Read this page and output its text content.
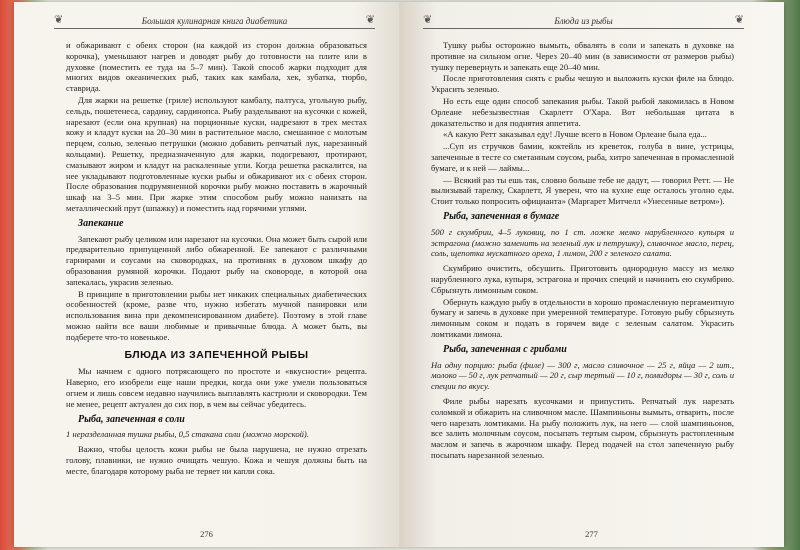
❦	Большая кулинарная книга диабетика	❦

и обжаривают с обеих сторон (на каждой из сторон должна образоваться корочка), уменьшают нагрев и доводят рыбу до готовности на плите или в духовке (поместить ее туда на 5–7 мин). Такой способ жарки подходит для многих видов океанических рыб, таких как камбала, хек, зубатка, тюрбо, ставрида.

Для жарки на решетке (гриле) используют камбалу, палтуса, угольную рыбу, сельдь, пошетенеса, сардину, сардинопса. Рыбу разделывают на кусочки с кожей, нарезают (если она крупная) на порционные куски, надрезают в трех местах кожу и кладут куски на 20–30 мин в растительное масло, смешанное с молотым перцем, солью, зеленью петрушки (можно добавить репчатый лук, нарезанный кольцами). Решетку, предназначенную для жарки, подогревают, протирают, смазывают жиром и кладут на раскаленные угли. Когда решетка раскалится, на нее укладывают подготовленные куски рыбы и обжаривают их с обеих сторон. После образования подрумяненной корочки рыбу можно поставить в жарочный шкаф на 3–5 мин. При жарке этим способом рыбу можно нанизать на металлический прут (шпажку) и поместить над горячими углями.

Запекание

Запекают рыбу целиком или нарезают на кусочки. Она может быть сырой или предварительно припущенной либо обжаренной. Ее запекают с различными гарнирами и соусами на сковородках, на противнях в духовом шкафу до образования румяной корочки. Подают рыбу на сковороде, в которой она запекалась, украсив зеленью.

В принципе в приготовлении рыбы нет никаких специальных диабетических особенностей (кроме, разве что, нужно избегать мучной панировки или использования вина при декомпенсированном диабете). Поэтому в этой главе можно найти все ваши любимые и привычные блюда. А может быть, вы подберете что-то новенькое.

БЛЮДА ИЗ ЗАПЕЧЕННОЙ РЫБЫ

Мы начнем с одного потрясающего по простоте и «вкусности» рецепта. Наверно, его изобрели еще наши предки, когда они уже умели пользоваться огнем и лишь совсем недавно научились выплавлять кастрюли и сковородки. Тем не менее, рецепт актуален до сих пор, в чем вы сейчас убедитесь.

Рыба, запеченная в соли

1 неразделанная тушка рыбы, 0,5 стакана соли (можно морской).

Важно, чтобы целость кожи рыбы не была нарушена, не нужно отрезать голову, плавники, не нужно очищать чешую. Кожа и чешуя должны быть на месте, благодаря которому рыба не теряет ни капли сока.

276
❦	Блюда из рыбы	❦

Тушку рыбы осторожно вымыть, обвалять в соли и запекать в духовке на противне на сильном огне. Через 20–40 мин (в зависимости от размеров рыбы) тушку перевернуть и запекать еще 20–40 мин.

После приготовления снять с рыбы чешую и выложить куски филе на блюдо. Украсить зеленью.

Но есть еще один способ запекания рыбы. Такой рыбой лакомилась в Новом Орлеане небезызвестная Скарлетт О'Хара. Вот небольшая цитата в доказательство и для поднятия аппетита.

«А какую Ретт заказывал еду! Лучше всего в Новом Орлеане была еда...

...Суп из стручков бамии, коктейль из креветок, голуба в вине, устрицы, запеченные в тесте со сметанным соусом, рыба, хитро запеченная в промасленной бумаге, и к ней — лаймы...

— Всякий раз ты ешь так, словно больше тебе не дадут, — говорил Ретт. — Не вылизывай тарелку, Скарлетт, Я уверен, что на кухне еще осталось уголно еды. Стоит только попросить официанта» (Маргарет Митчелл «Унесенные ветром»).

Рыба, запеченная в бумаге

500 г скумбрии, 4–5 луковиц, по 1 ст. ложке мелко нарубленного купыря и эстрагона (можно заменить на зеленый лук и петрушку), сливочное масло, перец, соль, щепотка мускатного ореха, 1 лимон, 200 г зеленого салата.

Скумбрию очистить, обсушить. Приготовить однородную массу из мелко нарубленного лука, купыря, эстрагона и прочих специй и начинить ею скумбрию. Сбрызнуть лимонным соком.

Обернуть каждую рыбу в отдельности в хорошо промасленную пергаментную бумагу и запечь в духовке при умеренной температуре. Готовую рыбу сбрызнуть лимонным соком и подать в горячем виде с зеленым салатом. Украсить ломтиками лимона.

Рыба, запеченная с грибами

На одну порцию: рыба (филе) — 300 г, масло сливочное — 25 г, яйца — 2 шт., молоко — 50 г, лук репчатый — 20 г, сыр тертый — 10 г, помидоры — 30 г, соль и специи по вкусу.

Филе рыбы нарезать кусочками и припустить. Репчатый лук нарезать соломкой и обжарить на сливочном масле. Шампиньоны вымыть, отварить, после чего нарезать ломтиками. На рыбу положить лук, на него — слой шампиньонов, все залить молочным соусом, посыпать тертым сыром, сбрызнуть растопленным маслом и запечь в жарочном шкафу. Перед подачей на стол запеченную рыбу посыпать нарезанной зеленью.

277
